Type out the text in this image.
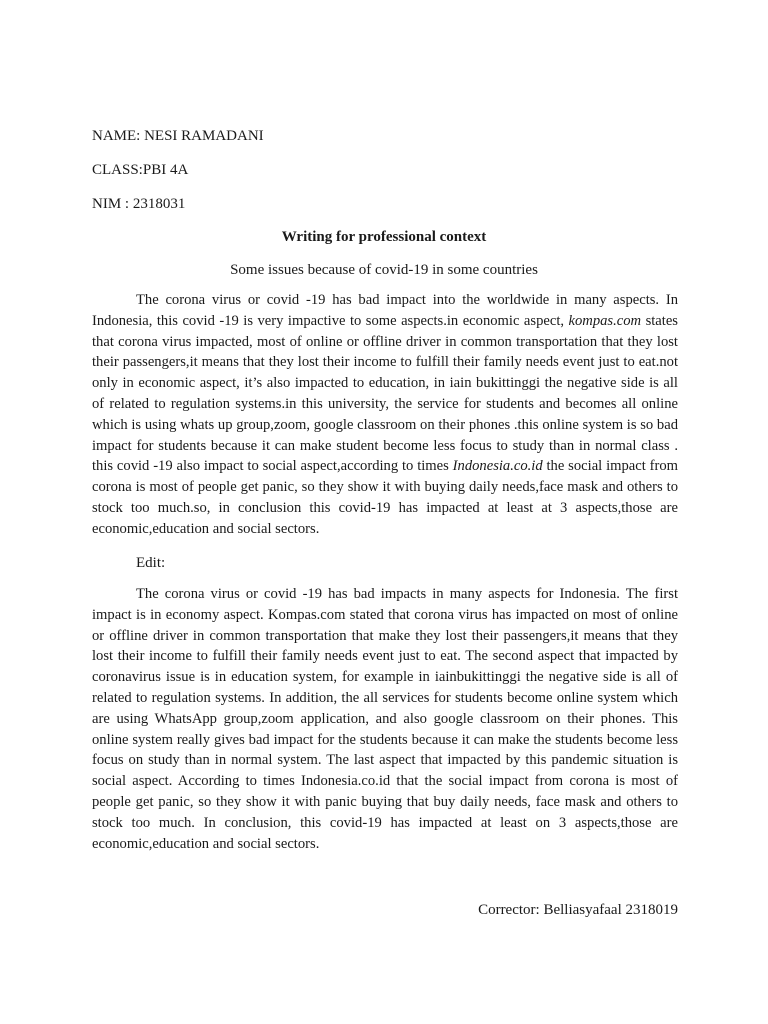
NAME: NESI RAMADANI
CLASS:PBI 4A
NIM : 2318031
Writing for professional context
Some issues because of covid-19 in some countries

The corona virus or covid -19 has bad impact into the worldwide in many aspects. In Indonesia, this covid -19 is very impactive to some aspects.in economic aspect, kompas.com states that corona virus impacted, most of online or offline driver in common transportation that they lost their passengers,it means that they lost their income to fulfill their family needs event just to eat.not only in economic aspect, it’s also impacted to education, in iain bukittinggi the negative side is all of related to regulation systems.in this university, the service for students and becomes all online which is using whats up group,zoom, google classroom on their phones .this online system is so bad impact for students because it can make student become less focus to study than in normal class . this covid -19 also impact to social aspect,according to times Indonesia.co.id the social impact from corona is most of people get panic, so they show it with buying daily needs,face mask and others to stock too much.so, in conclusion this covid-19 has impacted at least at 3 aspects,those are economic,education and social sectors.

Edit:

The corona virus or covid -19 has bad impacts in many aspects for Indonesia. The first impact is in economy aspect. Kompas.com stated that corona virus has impacted on most of online or offline driver in common transportation that make they lost their passengers,it means that they lost their income to fulfill their family needs event just to eat. The second aspect that impacted by coronavirus issue is in education system, for example in iainbukittinggi the negative side is all of related to regulation systems. In addition, the all services for students become online system which are using WhatsApp group,zoom application, and also google classroom on their phones. This online system really gives bad impact for the students because it can make the students become less focus on study than in normal system. The last aspect that impacted by this pandemic situation is social aspect. According to times Indonesia.co.id that the social impact from corona is most of people get panic, so they show it with panic buying that buy daily needs, face mask and others to stock too much. In conclusion, this covid-19 has impacted at least on 3 aspects,those are economic,education and social sectors.

Corrector: Belliasyafaal 2318019
